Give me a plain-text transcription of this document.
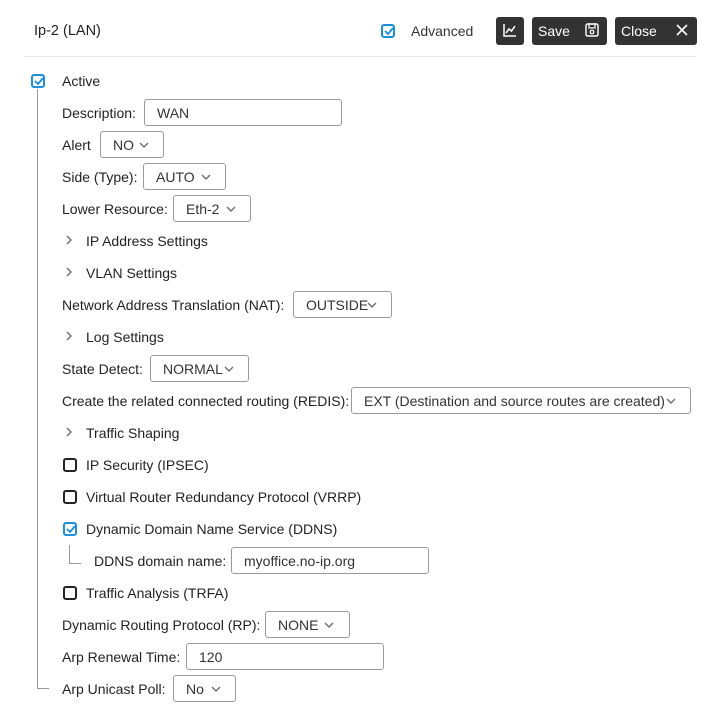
Ip-2 (LAN)	Advanced	Save	Close
Active
Description: WAN
Alert NO
Side (Type): AUTO
Lower Resource: Eth-2
IP Address Settings
VLAN Settings
Network Address Translation (NAT): OUTSIDE
Log Settings
State Detect: NORMAL
Create the related connected routing (REDIS): EXT (Destination and source routes are created)
Traffic Shaping
IP Security (IPSEC)
Virtual Router Redundancy Protocol (VRRP)
Dynamic Domain Name Service (DDNS)
DDNS domain name: myoffice.no-ip.org
Traffic Analysis (TRFA)
Dynamic Routing Protocol (RP): NONE
Arp Renewal Time: 120
Arp Unicast Poll: No
